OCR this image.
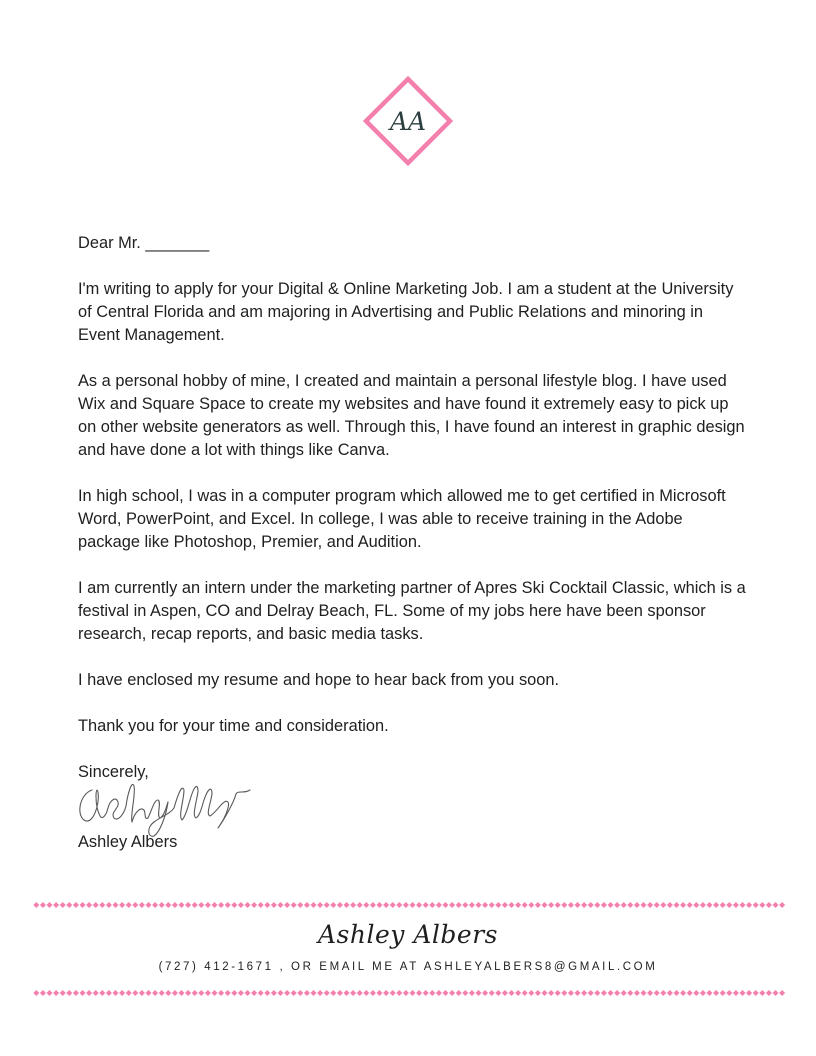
AA

Dear Mr. _______

I'm writing to apply for your Digital & Online Marketing Job. I am a student at the University of Central Florida and am majoring in Advertising and Public Relations and minoring in Event Management.

As a personal hobby of mine, I created and maintain a personal lifestyle blog. I have used Wix and Square Space to create my websites and have found it extremely easy to pick up on other website generators as well. Through this, I have found an interest in graphic design and have done a lot with things like Canva.

In high school, I was in a computer program which allowed me to get certified in Microsoft Word, PowerPoint, and Excel. In college, I was able to receive training in the Adobe package like Photoshop, Premier, and Audition.

I am currently an intern under the marketing partner of Apres Ski Cocktail Classic, which is a festival in Aspen, CO and Delray Beach, FL. Some of my jobs here have been sponsor research, recap reports, and basic media tasks.

I have enclosed my resume and hope to hear back from you soon.

Thank you for your time and consideration.

Sincerely,

Ashley Albers
Ashley Albers
(727) 412-1671 , OR EMAIL ME AT ASHLEYALBERS8@GMAIL.COM
